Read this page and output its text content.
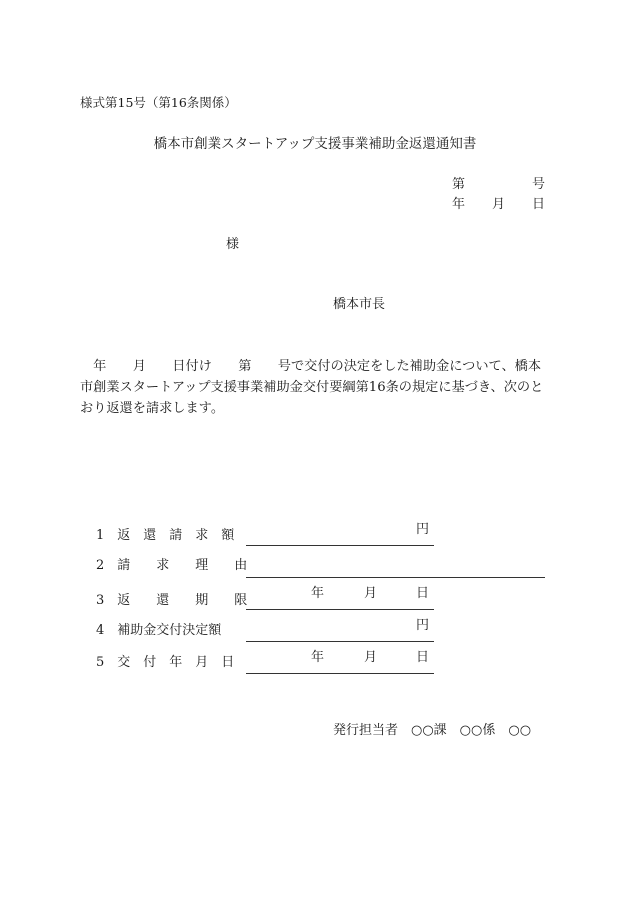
様式第15号（第16条関係）
橋本市創業スタートアップ支援事業補助金返還通知書
第	号
年 月 日
様
橋本市長
　年　　月　　日付け　　第　　号で交付の決定をした補助金について、橋本市創業スタートアップ支援事業補助金交付要綱第16条の規定に基づき、次のとおり返還を請求します。
1　返　還　請　求　額	円
2　請　　求　　理　　由
3　返　　還　　期　　限	年	月	日
4　補助金交付決定額	円
5　交　付　年　月　日	年	月	日
発行担当者　○○課　○○係　○○
